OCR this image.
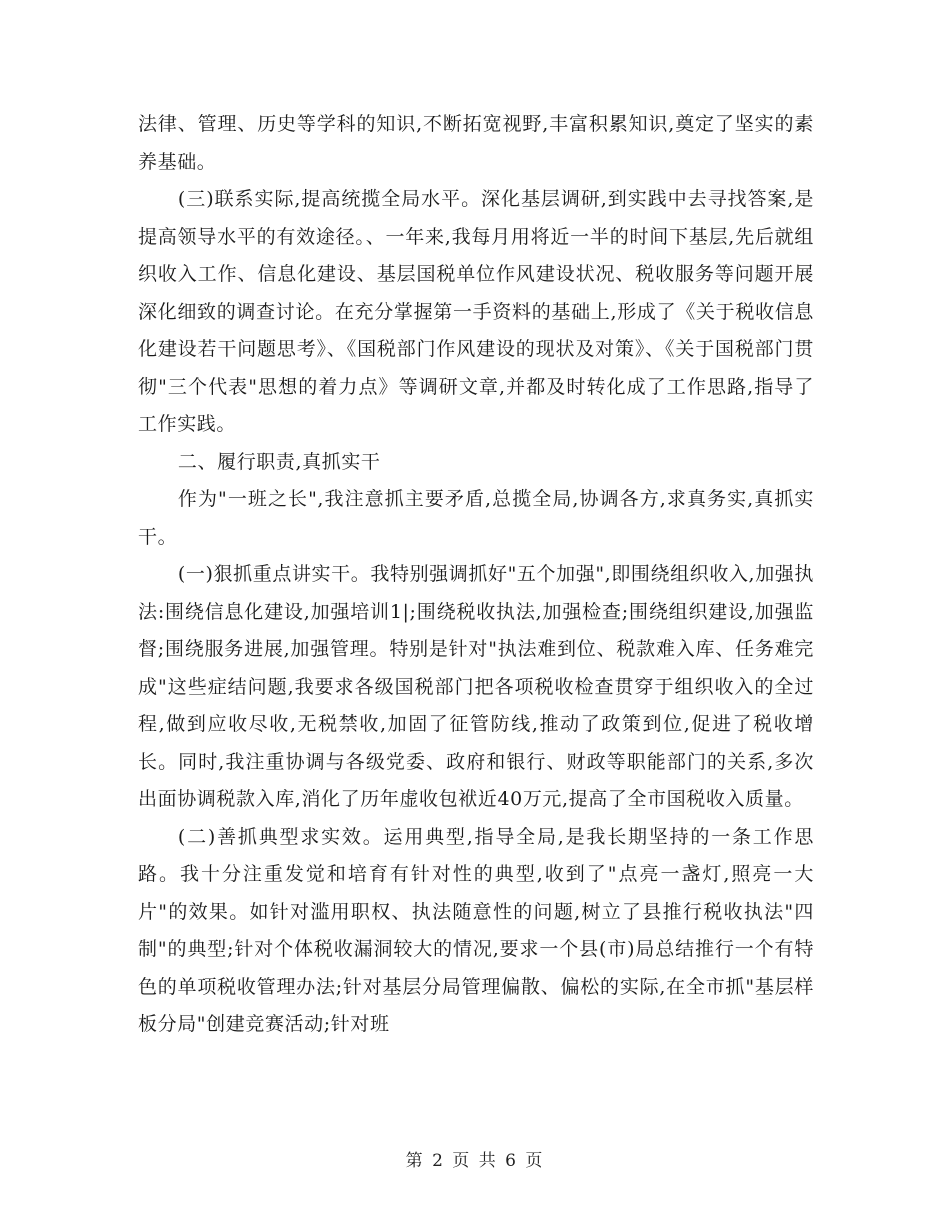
法律、管理、历史等学科的知识,不断拓宽视野,丰富积累知识,奠定了坚实的素养基础。

(三)联系实际,提高统揽全局水平。深化基层调研,到实践中去寻找答案,是提高领导水平的有效途径。、一年来,我每月用将近一半的时间下基层,先后就组织收入工作、信息化建设、基层国税单位作风建设状况、税收服务等问题开展深化细致的调查讨论。在充分掌握第一手资料的基础上,形成了《关于税收信息化建设若干问题思考》、《国税部门作风建设的现状及对策》、《关于国税部门贯彻"三个代表"思想的着力点》等调研文章,并都及时转化成了工作思路,指导了工作实践。

二、履行职责,真抓实干

作为"一班之长",我注意抓主要矛盾,总揽全局,协调各方,求真务实,真抓实干。

(一)狠抓重点讲实干。我特别强调抓好"五个加强",即围绕组织收入,加强执法:围绕信息化建设,加强培训1|;围绕税收执法,加强检查;围绕组织建设,加强监督;围绕服务进展,加强管理。特别是针对"执法难到位、税款难入库、任务难完成"这些症结问题,我要求各级国税部门把各项税收检查贯穿于组织收入的全过程,做到应收尽收,无税禁收,加固了征管防线,推动了政策到位,促进了税收增长。同时,我注重协调与各级党委、政府和银行、财政等职能部门的关系,多次出面协调税款入库,消化了历年虚收包袱近40万元,提高了全市国税收入质量。

(二)善抓典型求实效。运用典型,指导全局,是我长期坚持的一条工作思路。我十分注重发觉和培育有针对性的典型,收到了"点亮一盏灯,照亮一大片"的效果。如针对滥用职权、执法随意性的问题,树立了县推行税收执法"四制"的典型;针对个体税收漏洞较大的情况,要求一个县(市)局总结推行一个有特色的单项税收管理办法;针对基层分局管理偏散、偏松的实际,在全市抓"基层样板分局"创建竞赛活动;针对班

第 2 页 共 6 页
